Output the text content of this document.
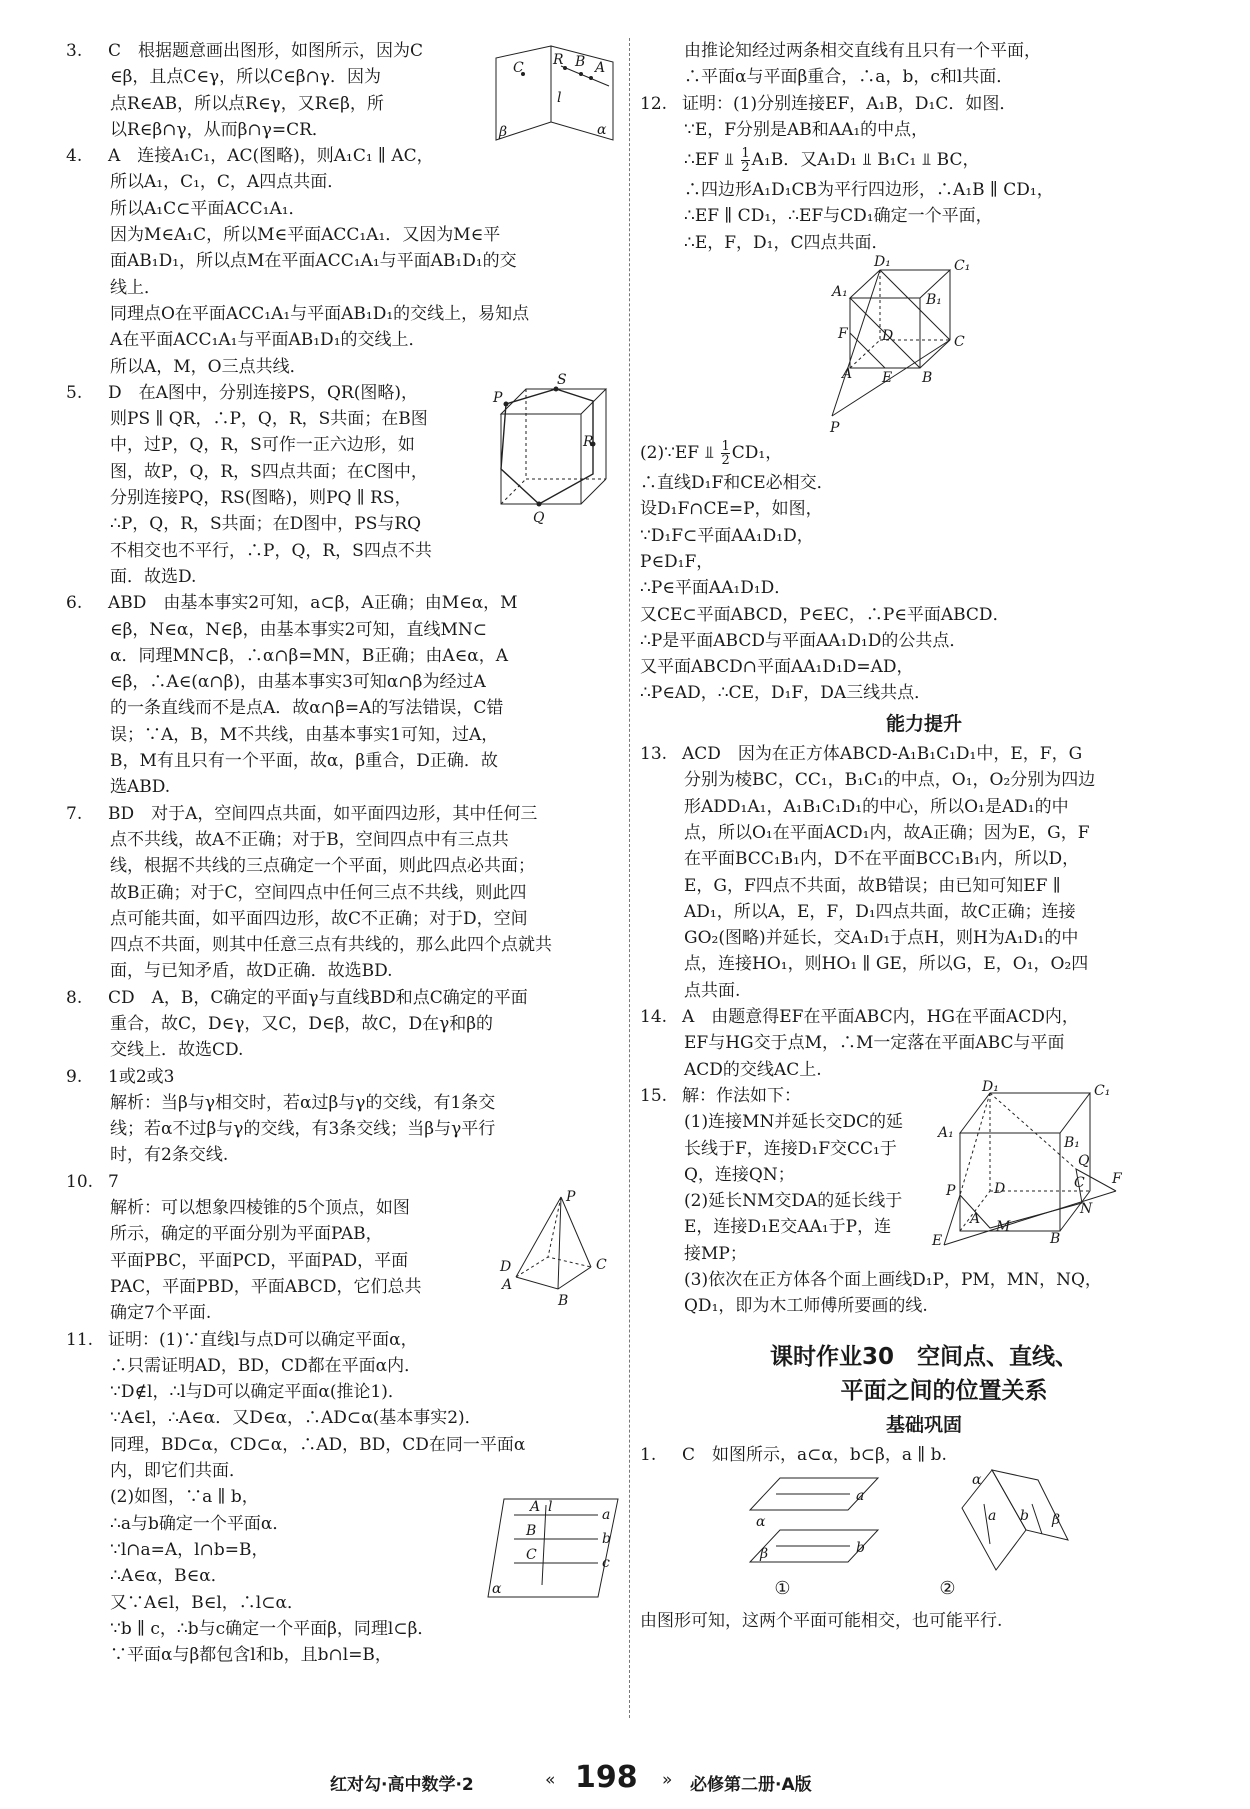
3. C　根据题意画出图形，如图所示，因为C
∈β，且点C∈γ，所以C∈β∩γ．因为
点R∈AB，所以点R∈γ，又R∈β，所
以R∈β∩γ，从而β∩γ=CR．
C R B A
l
β	α
4. A　连接A₁C₁，AC(图略)，则A₁C₁ ∥ AC，
所以A₁，C₁，C，A四点共面．
所以A₁C⊂平面ACC₁A₁．
因为M∈A₁C，所以M∈平面ACC₁A₁．又因为M∈平
面AB₁D₁，所以点M在平面ACC₁A₁与平面AB₁D₁的交
线上．
同理点O在平面ACC₁A₁与平面AB₁D₁的交线上，易知点
A在平面ACC₁A₁与平面AB₁D₁的交线上．
所以A，M，O三点共线．
5. D　在A图中，分别连接PS，QR(图略)，
则PS ∥ QR，∴P，Q，R，S共面；在B图
中，过P，Q，R，S可作一正六边形，如
图，故P，Q，R，S四点共面；在C图中，
分别连接PQ，RS(图略)，则PQ ∥ RS，
∴P，Q，R，S共面；在D图中，PS与RQ
不相交也不平行，∴P，Q，R，S四点不共
面．故选D.
P
S
R
Q
6. ABD　由基本事实2可知，a⊂β，A正确；由M∈α，M
∈β，N∈α，N∈β，由基本事实2可知，直线MN⊂
α．同理MN⊂β，∴α∩β=MN，B正确；由A∈α，A
∈β，∴A∈(α∩β)，由基本事实3可知α∩β为经过A
的一条直线而不是点A．故α∩β=A的写法错误，C错
误；∵A，B，M不共线，由基本事实1可知，过A，
B，M有且只有一个平面，故α，β重合，D正确．故
选ABD.
7. BD　对于A，空间四点共面，如平面四边形，其中任何三
点不共线，故A不正确；对于B，空间四点中有三点共
线，根据不共线的三点确定一个平面，则此四点必共面；
故B正确；对于C，空间四点中任何三点不共线，则此四
点可能共面，如平面四边形，故C不正确；对于D，空间
四点不共面，则其中任意三点有共线的，那么此四个点就共
面，与已知矛盾，故D正确．故选BD.
8. CD　A，B，C确定的平面γ与直线BD和点C确定的平面
重合，故C，D∈γ，又C，D∈β，故C，D在γ和β的
交线上．故选CD.
9. 1或2或3
解析：当β与γ相交时，若α过β与γ的交线，有1条交
线；若α不过β与γ的交线，有3条交线；当β与γ平行
时，有2条交线.
10. 7
解析：可以想象四棱锥的5个顶点，如图
所示，确定的平面分别为平面PAB，
平面PBC，平面PCD，平面PAD，平面
PAC，平面PBD，平面ABCD，它们总共
确定7个平面.
P
D	C
A
B
11. 证明：(1)∵直线l与点D可以确定平面α，
∴只需证明AD，BD，CD都在平面α内．
∵D∉l，∴l与D可以确定平面α(推论1)．
∵A∈l，∴A∈α．又D∈α，∴AD⊂α(基本事实2)．
同理，BD⊂α，CD⊂α，∴AD，BD，CD在同一平面α
内，即它们共面．
(2)如图，∵a ∥ b，
∴a与b确定一个平面α．
∵l∩a=A，l∩b=B，
∴A∈α，B∈α．
又∵A∈l，B∈l，∴l⊂α．
∵b ∥ c，∴b与c确定一个平面β，同理l⊂β．
∵平面α与β都包含l和b，且b∩l=B，
A l
B
C
a
b
c
α
由推论知经过两条相交直线有且只有一个平面，
∴平面α与平面β重合，∴a，b，c和l共面．
12. 证明：(1)分别连接EF，A₁B，D₁C．如图．
∵E，F分别是AB和AA₁的中点，
∴EF ⫫ $\frac{1}{2} A_1B$．又A₁D₁ ⫫ B₁C₁ ⫫ BC，
∴四边形A₁D₁CB为平行四边形，∴A₁B ∥ CD₁，
∴EF ∥ CD₁，∴EF与CD₁确定一个平面，
∴E，F，D₁，C四点共面．
D₁	C₁
A₁	B₁
F D	C
A E B
P
(2)∵EF ⫫ $\frac{1}{2} CD_1$，
∴直线D₁F和CE必相交．
设D₁F∩CE=P，如图，
∵D₁F⊂平面AA₁D₁D，
P∈D₁F，
∴P∈平面AA₁D₁D．
又CE⊂平面ABCD，P∈EC，∴P∈平面ABCD．
∴P是平面ABCD与平面AA₁D₁D的公共点．
又平面ABCD∩平面AA₁D₁D=AD，
∴P∈AD，∴CE，D₁F，DA三线共点．
能力提升
13. ACD　因为在正方体ABCD-A₁B₁C₁D₁中，E，F，G
分别为棱BC，CC₁，B₁C₁的中点，O₁，O₂分别为四边
形ADD₁A₁，A₁B₁C₁D₁的中心，所以O₁是AD₁的中
点，所以O₁在平面ACD₁内，故A正确；因为E，G，F
在平面BCC₁B₁内，D不在平面BCC₁B₁内，所以D，
E，G，F四点不共面，故B错误；由已知可知EF ∥
AD₁，所以A，E，F，D₁四点共面，故C正确；连接
GO₂(图略)并延长，交A₁D₁于点H，则H为A₁D₁的中
点，连接HO₁，则HO₁ ∥ GE，所以G，E，O₁，O₂四
点共面.
14. A　由题意得EF在平面ABC内，HG在平面ACD内，
EF与HG交于点M，∴M一定落在平面ABC与平面
ACD的交线AC上.
15. 解：作法如下：
(1)连接MN并延长交DC的延
长线于F，连接D₁F交CC₁于
Q，连接QN；
(2)延长NM交DA的延长线于
E，连接D₁E交AA₁于P，连
接MP；
(3)依次在正方体各个面上画线D₁P，PM，MN，NQ，
QD₁，即为木工师傅所要画的线.
D₁	C₁
A₁
B₁
D
Q
C F
P
A M
N
B
E
课时作业30　空间点、直线、
平面之间的位置关系
基础巩固
1. C　如图所示，a⊂α，b⊂β，a ∥ b.
a
α
b
β
α
a b β
①	②
由图形可知，这两个平面可能相交，也可能平行.
红对勾·高中数学·2	« 198 » 必修第二册·A版
